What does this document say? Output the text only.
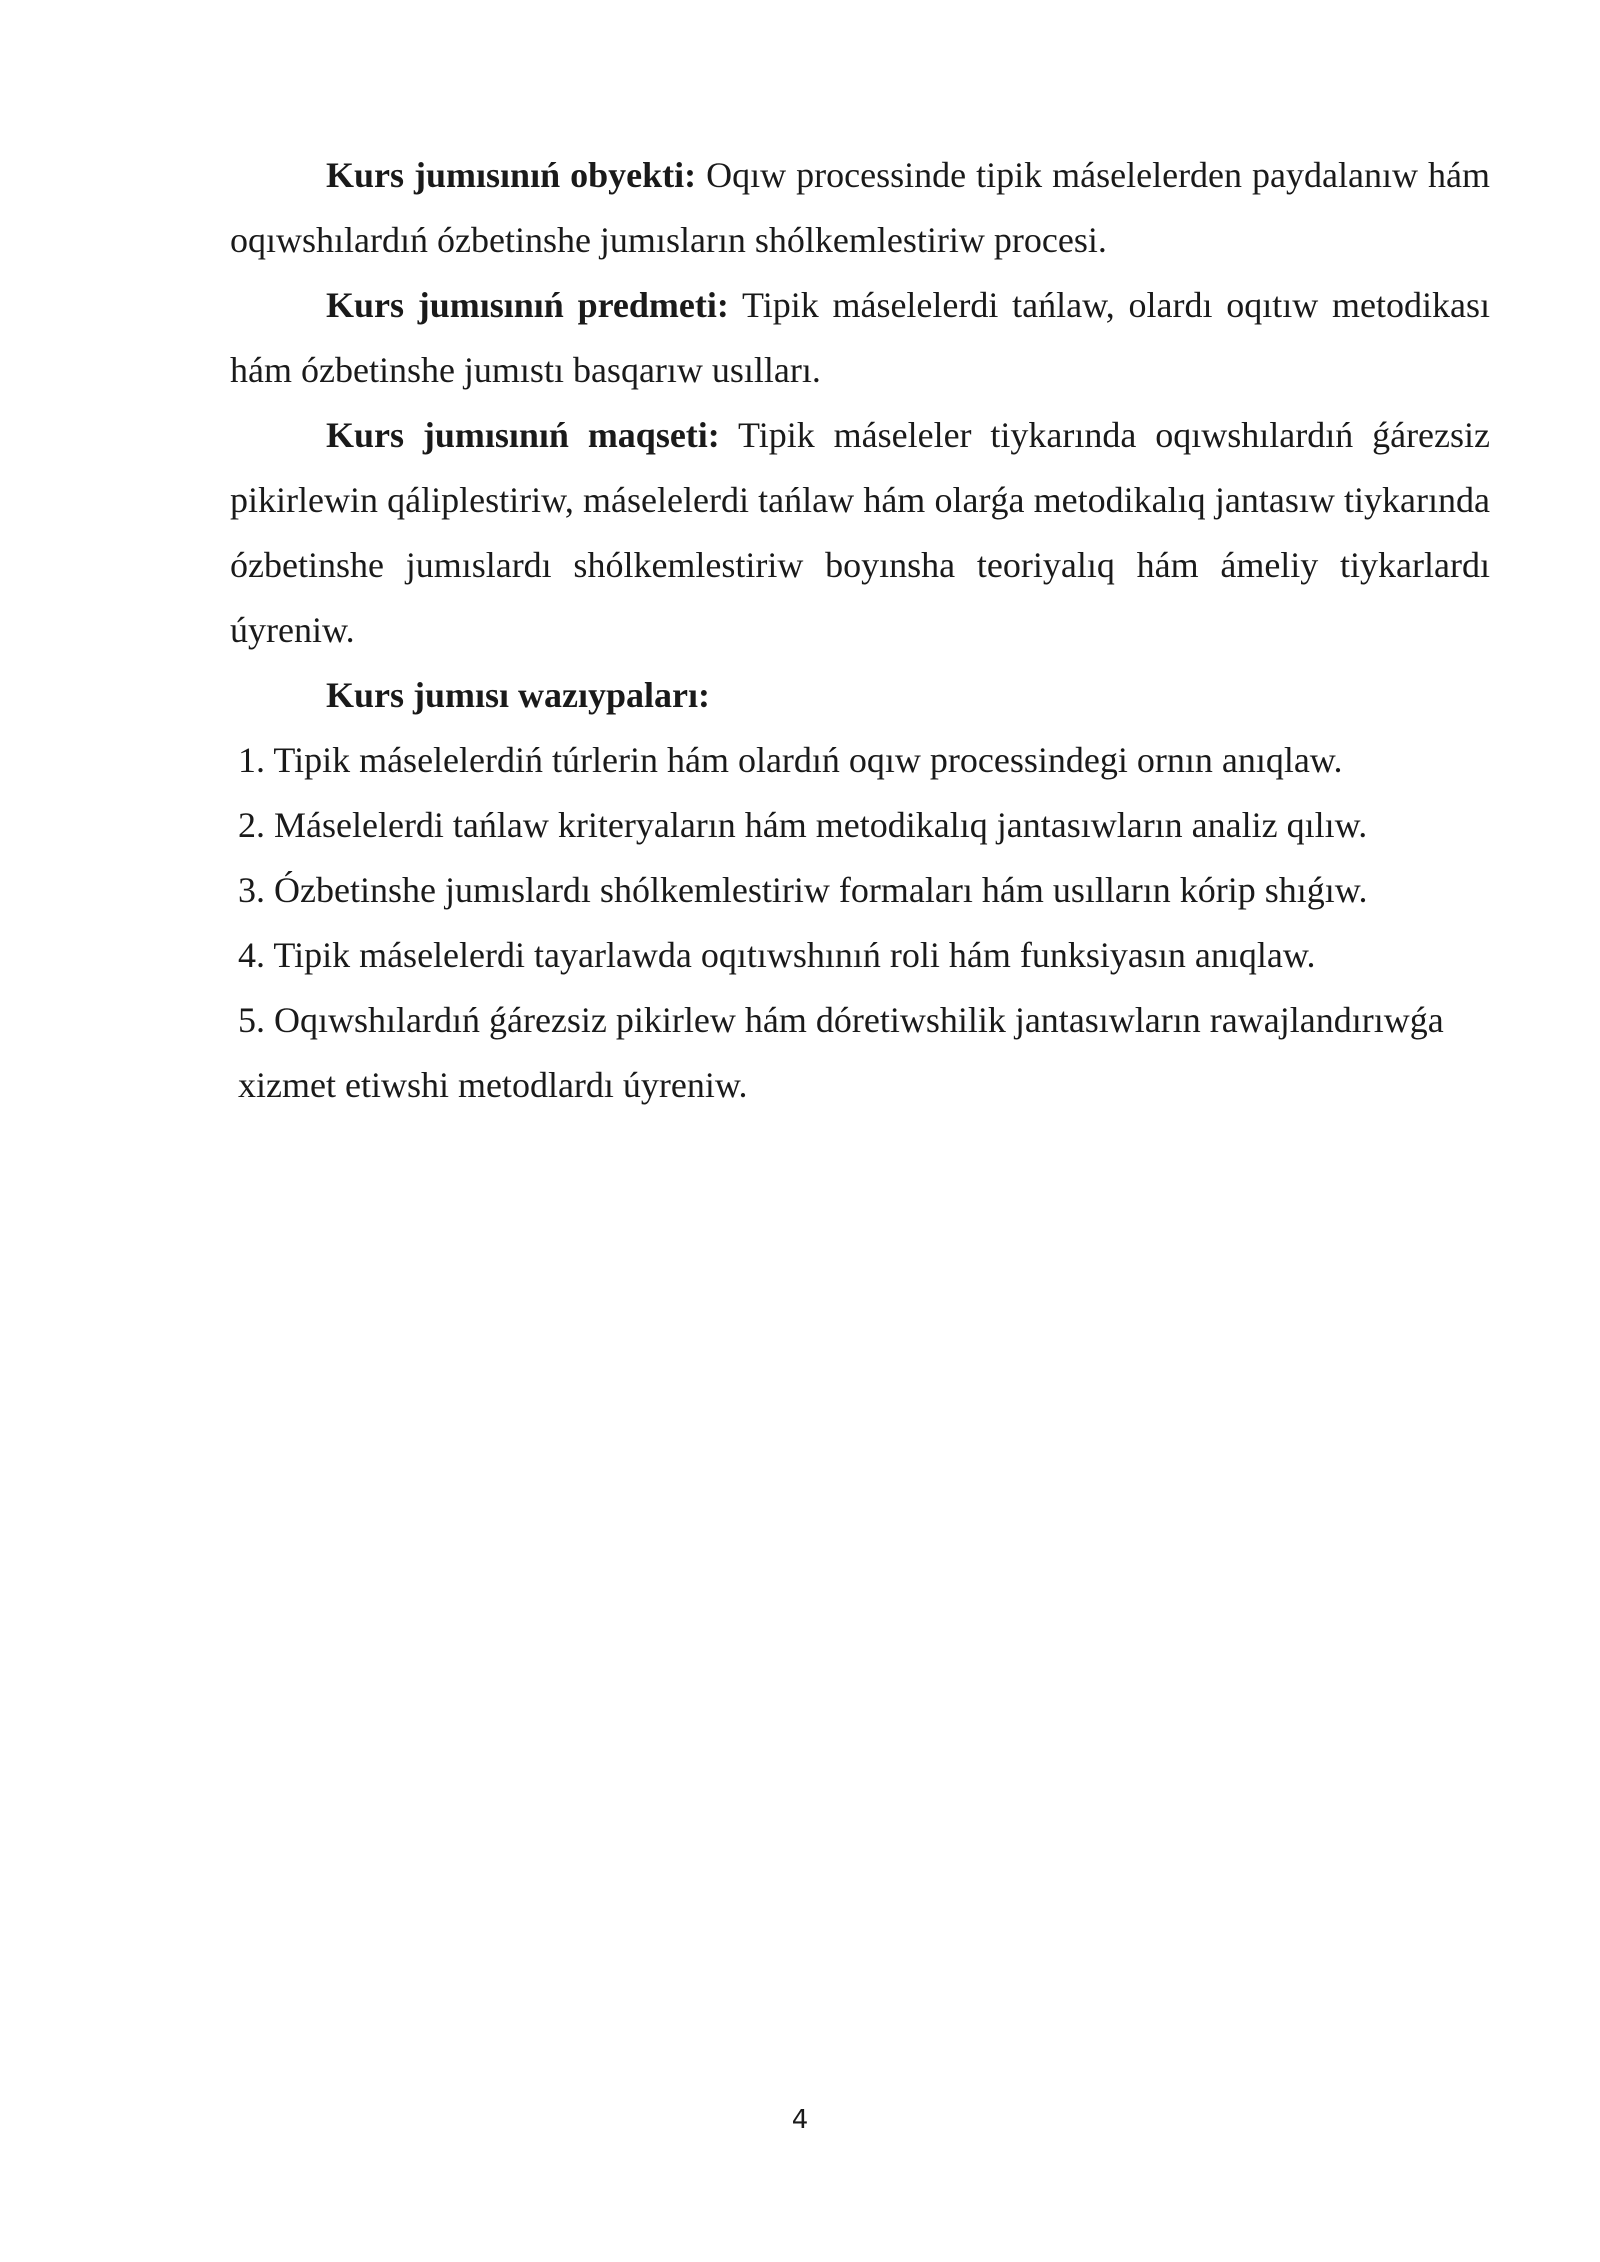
Kurs jumısınıń obyekti: Oqıw processinde tipik máselelerden paydalanıw hám oqıwshılardıń ózbetinshe jumısların shólkemlestiriw procesi.

Kurs jumısınıń predmeti: Tipik máselelerdi tańlaw, olardı oqıtıw metodikası hám ózbetinshe jumıstı basqarıw usılları.

Kurs jumısınıń maqseti: Tipik máseleler tiykarında oqıwshılardıń ǵárezsiz pikirlewin qáliplestiriw, máselelerdi tańlaw hám olarǵa metodikalıq jantasıw tiykarında ózbetinshe jumıslardı shólkemlestiriw boyınsha teoriyalıq hám ámeliy tiykarlardı úyreniw.

Kurs jumısı wazıypaları:

1. Tipik máselelerdiń túrlerin hám olardıń oqıw processindegi ornın anıqlaw.
2. Máselelerdi tańlaw kriteryaların hám metodikalıq jantasıwların analiz qılıw.
3. Ózbetinshe jumıslardı shólkemlestiriw formaları hám usılların kórip shıǵıw.
4. Tipik máselelerdi tayarlawda oqıtıwshınıń roli hám funksiyasın anıqlaw.
5. Oqıwshılardıń ǵárezsiz pikirlew hám dóretiwshilik jantasıwların rawajlandırıwǵa xizmet etiwshi metodlardı úyreniw.
4
